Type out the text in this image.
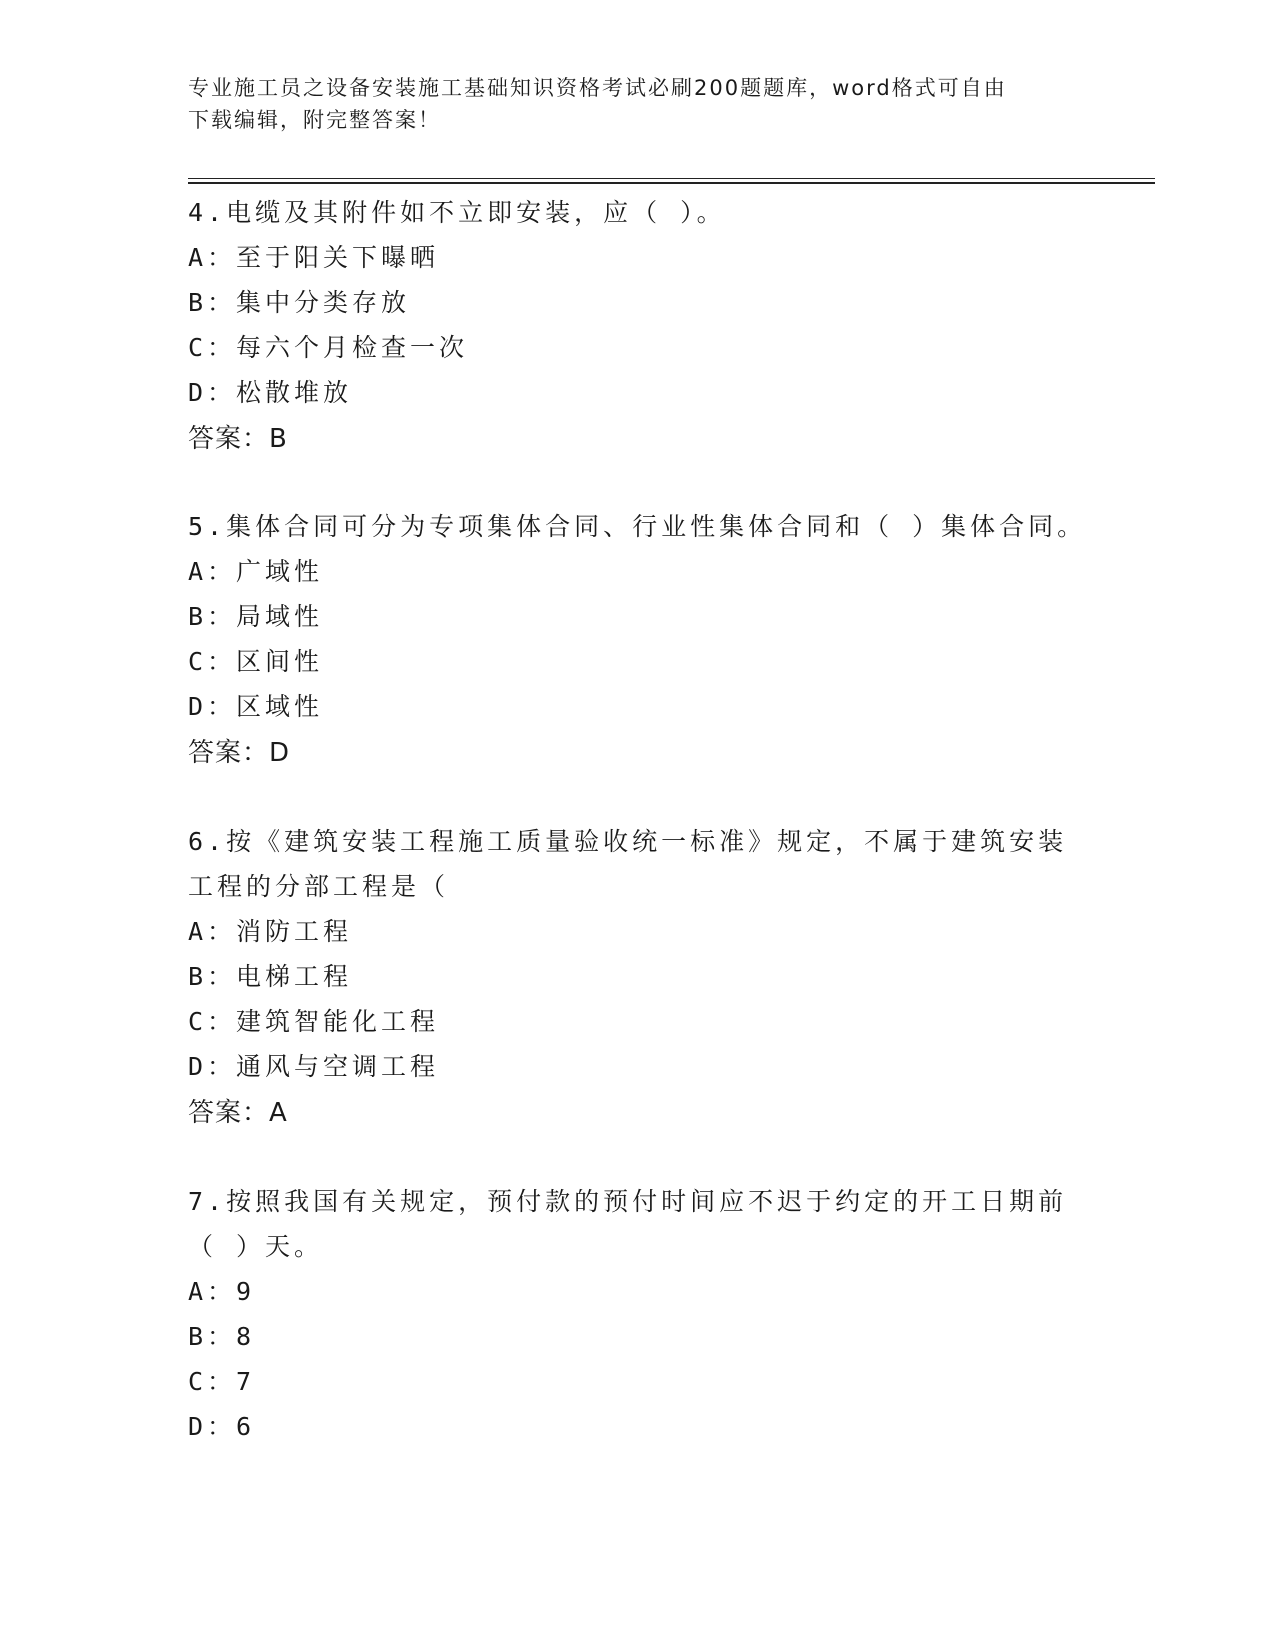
专业施工员之设备安装施工基础知识资格考试必刷200题题库，word格式可自由
下载编辑，附完整答案！
4.电缆及其附件如不立即安装，应（ ）。
A：至于阳关下曝晒
B：集中分类存放
C：每六个月检查一次
D：松散堆放
答案：B
5.集体合同可分为专项集体合同、行业性集体合同和（ ）集体合同。
A：广域性
B：局域性
C：区间性
D：区域性
答案：D
6.按《建筑安装工程施工质量验收统一标准》规定，不属于建筑安装
工程的分部工程是（
A：消防工程
B：电梯工程
C：建筑智能化工程
D：通风与空调工程
答案：A
7.按照我国有关规定，预付款的预付时间应不迟于约定的开工日期前
（ ）天。
A：9
B：8
C：7
D：6
